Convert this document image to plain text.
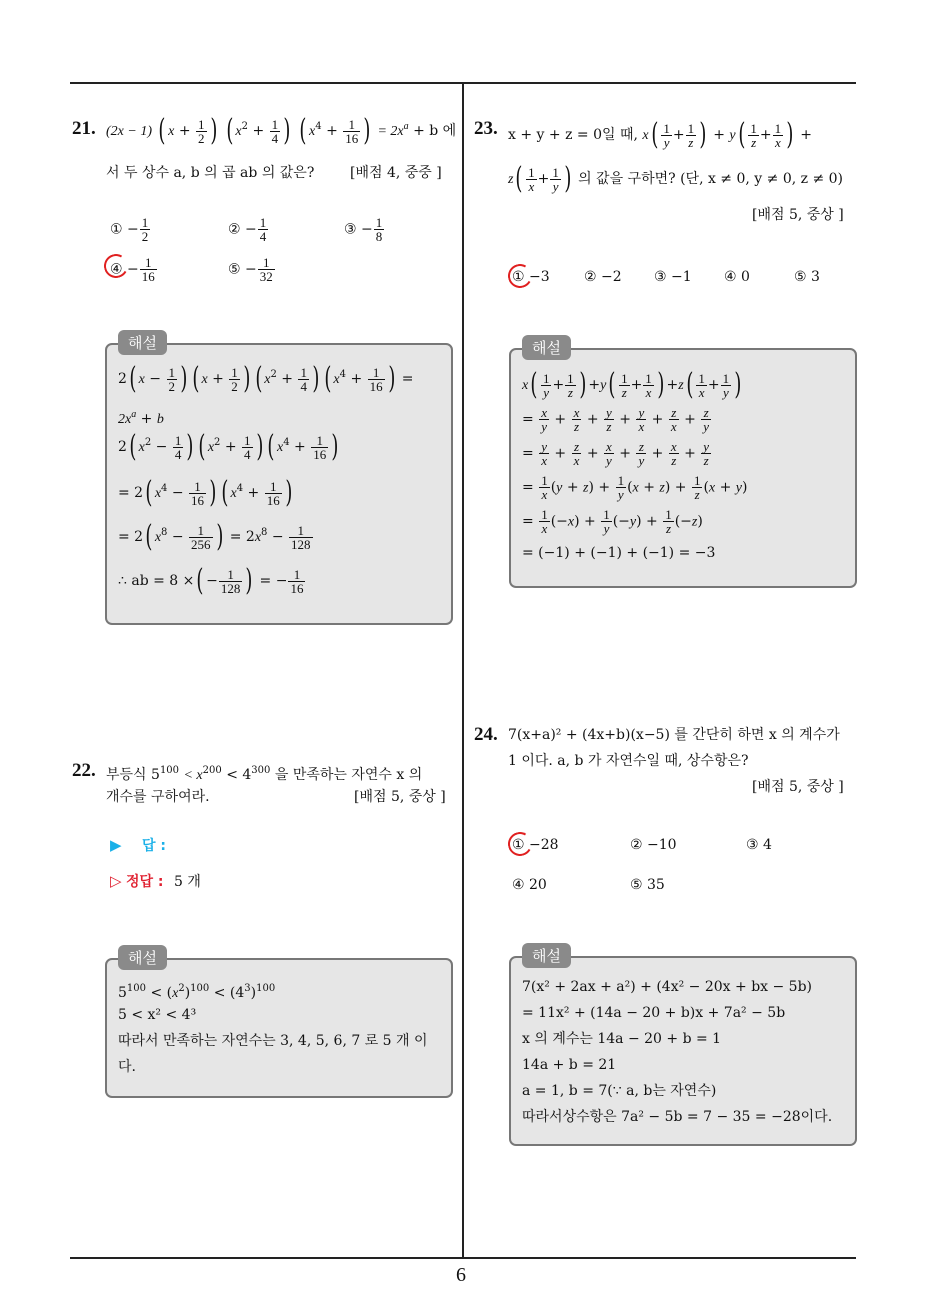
6
21. (2x − 1) ( $x + \frac{1}{2}$ ) ( $x^2 + \frac{1}{4}$ ) ( $x^4 + \frac{1}{16}$ ) = $2x^a + b$ 에
서 두 상수 a, b 의 곱 ab 의 값은?	[배점 4, 중중 ]
① − $\frac{1}{2}$	② − $\frac{1}{4}$	③ − $\frac{1}{8}$
④ − $\frac{1}{16}$	⑤ − $\frac{1}{32}$
해설
2( $x - \frac{1}{2}$ ) ( $x + \frac{1}{2}$ ) ( $x^2 + \frac{1}{4}$ ) ( $x^4 + \frac{1}{16}$ ) =
$2x^a + b$
2( $x^2 - \frac{1}{4}$ ) ( $x^2 + \frac{1}{4}$ ) ( $x^4 + \frac{1}{16}$ )
= 2( $x^4 - \frac{1}{16}$ ) ( $x^4 + \frac{1}{16}$ )
= 2( $x^8 - \frac{1}{256}$ ) = $2x^8 - \frac{1}{128}$
∴ ab = 8 ×( − $\frac{1}{128}$ ) = − $\frac{1}{16}$
22. 부등식 $5^{100} < x^{200} < 4^{300}$ 을 만족하는 자연수 x 의
개수를 구하여라.	[배점 5, 중상 ]
▶ 답 :
▷ 정답 : 5 개
해설
$5^{100} < (x^2)^{100} < (4^3)^{100}$
5 < x² < 4³
따라서 만족하는 자연수는 3, 4, 5, 6, 7 로 5 개 이
다.
23. x + y + z = 0일 때, $x( \frac{1}{y} + \frac{1}{z}$ ) + $y( \frac{1}{z} + \frac{1}{x}$ ) +
$z( \frac{1}{x} + \frac{1}{y}$ ) 의 값을 구하면? (단, x ≠ 0, y ≠ 0, z ≠ 0)
[배점 5, 중상 ]
① −3 ② −2 ③ −1 ④ 0	⑤ 3
해설
$x( \frac{1}{y} + \frac{1}{z}$ ) $+y( \frac{1}{z} + \frac{1}{x}$ ) $+z( \frac{1}{x} + \frac{1}{y}$ )
= $\frac{x}{y} + \frac{x}{z} + \frac{y}{z} + \frac{y}{x} + \frac{z}{x} + \frac{z}{y}$
= $\frac{y}{x} + \frac{z}{x} + \frac{x}{y} + \frac{z}{y} + \frac{x}{z} + \frac{y}{z}$
= $\frac{1}{x} (y + z) + \frac{1}{y} (x + z) + \frac{1}{z} (x + y)$
= $\frac{1}{x} (-x) + \frac{1}{y} (-y) + \frac{1}{z} (-z)$
= (−1) + (−1) + (−1) = −3
24. 7(x+a)² + (4x+b)(x−5) 를 간단히 하면 x 의 계수가
1 이다. a, b 가 자연수일 때, 상수항은?
[배점 5, 중상 ]
① −28	② −10	③ 4
④ 20	⑤ 35
해설
7(x² + 2ax + a²) + (4x² − 20x + bx − 5b)
= 11x² + (14a − 20 + b)x + 7a² − 5b
x 의 계수는 14a − 20 + b = 1
14a + b = 21
a = 1, b = 7(∵ a, b는 자연수)
따라서상수항은 7a² − 5b = 7 − 35 = −28이다.
